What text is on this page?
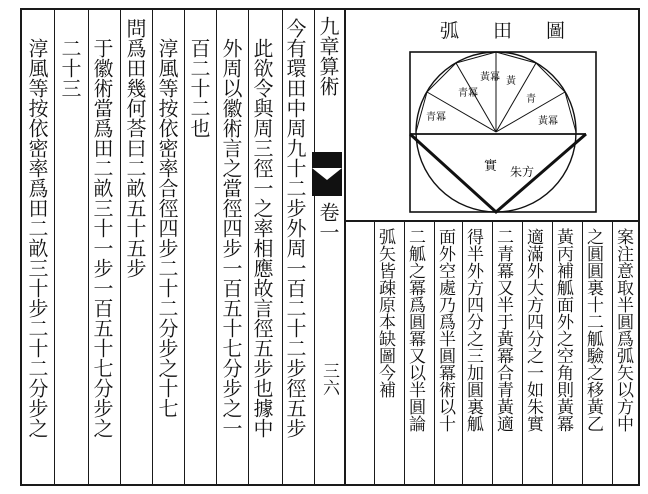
九章算術
卷一
三六
弧田圖
實 朱方
黃
黃冪
青
青冪
黃冪
青冪
案注意取半圓爲弧矢以方中
之圓圓裏十二觚驗之移黃乙
黃丙補觚面外之空角則黃冪
適滿外大方四分之一如朱實
二青冪又半于黃冪合青黃適
得半外方四分之三加圓裏觚
面外空處乃爲半圓冪術以十
二觚之冪爲圓冪又以半圓論
弧矢皆疎原本缺圖今補
今有環田中周九十二步外周一百二十二步徑五步
此欲令與周三徑一之率相應故言徑五步也據中
外周以徽術言之當徑四步一百五十七分步之一
百二十二也
淳風等按依密率合徑四步二十二分步之十七
問爲田幾何荅曰二畝五十五步
于徽術當爲田二畝三十一步一百五十七分步之
二十三
淳風等按依密率爲田二畝三十步二十二分步之
